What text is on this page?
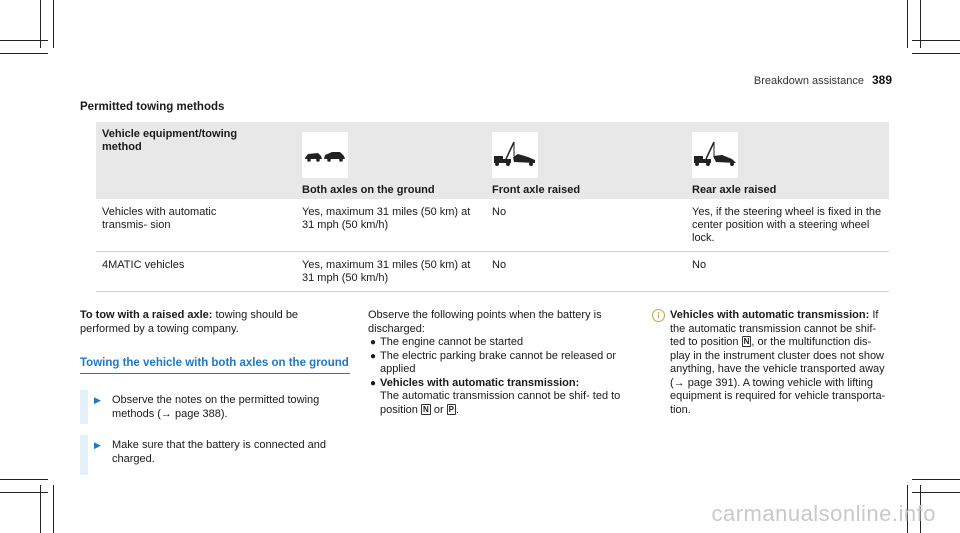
Breakdown assistance 389
Permitted towing methods
Vehicle equipment/towing method	Both axles on the ground	Front axle raised	Rear axle raised

Vehicles with automatic transmis- sion	Yes, maximum 31 miles (50 km) at 31 mph (50 km/h)	No	Yes, if the steering wheel is fixed in the center position with a steering wheel lock.
4MATIC vehicles	Yes, maximum 31 miles (50 km) at 31 mph (50 km/h)	No	No
To tow with a raised axle: towing should be performed by a towing company.
Towing the vehicle with both axles on the ground
▶ Observe the notes on the permitted towing methods (→ page 388).
▶ Make sure that the battery is connected and charged.
Observe the following points when the battery is discharged:
● The engine cannot be started
● The electric parking brake cannot be released or applied
● Vehicles with automatic transmission:
The automatic transmission cannot be shif- ted to position N or P .
i Vehicles with automatic transmission: If the automatic transmission cannot be shif- ted to position N , or the multifunction dis- play in the instrument cluster does not show anything, have the vehicle transported away (→ page 391). A towing vehicle with lifting equipment is required for vehicle transporta- tion.
carmanualsonline.info
